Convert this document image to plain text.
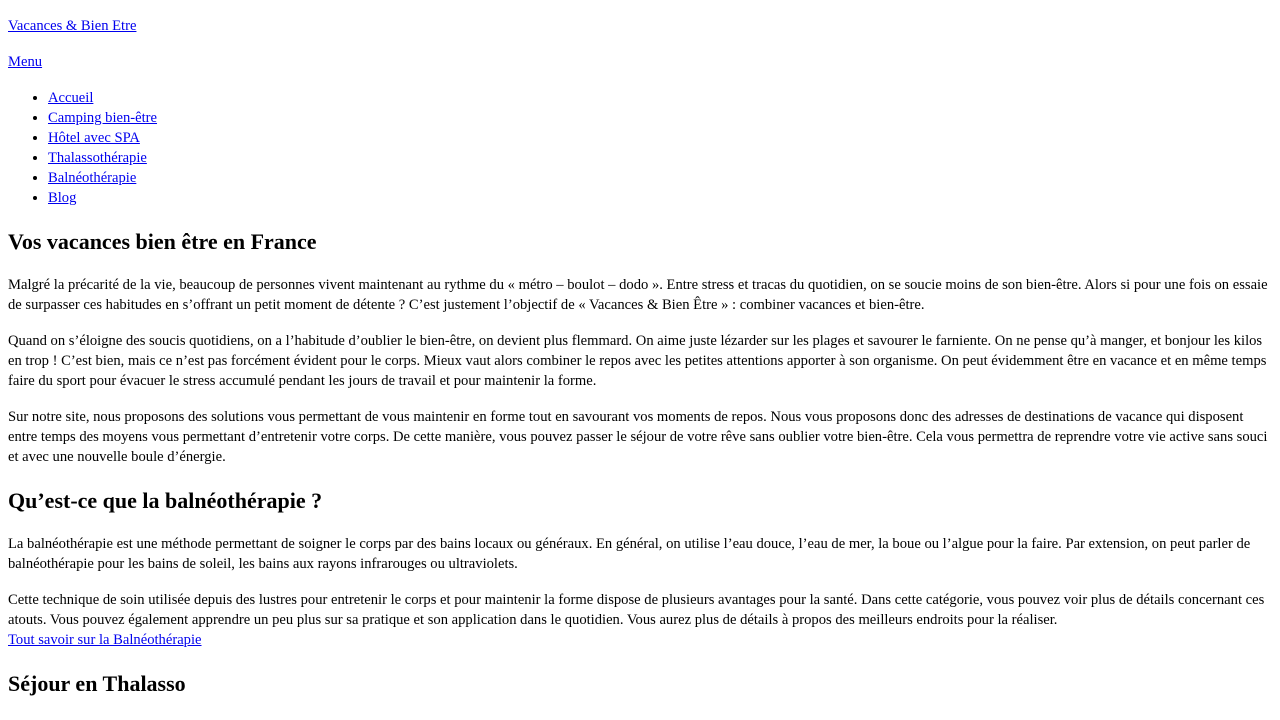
Vacances & Bien Etre
Menu
• Accueil
• Camping bien-être
• Hôtel avec SPA
• Thalassothérapie
• Balnéothérapie
• Blog
Vos vacances bien être en France

Malgré la précarité de la vie, beaucoup de personnes vivent maintenant au rythme du « métro – boulot – dodo ». Entre stress et tracas du quotidien, on se soucie moins de son bien-être. Alors si pour une fois on essaie de surpasser ces habitudes en s’offrant un petit moment de détente ? C’est justement l’objectif de « Vacances & Bien Être » : combiner vacances et bien-être.

Quand on s’éloigne des soucis quotidiens, on a l’habitude d’oublier le bien-être, on devient plus flemmard. On aime juste lézarder sur les plages et savourer le farniente. On ne pense qu’à manger, et bonjour les kilos en trop ! C’est bien, mais ce n’est pas forcément évident pour le corps. Mieux vaut alors combiner le repos avec les petites attentions apporter à son organisme. On peut évidemment être en vacance et en même temps faire du sport pour évacuer le stress accumulé pendant les jours de travail et pour maintenir la forme.

Sur notre site, nous proposons des solutions vous permettant de vous maintenir en forme tout en savourant vos moments de repos. Nous vous proposons donc des adresses de destinations de vacance qui disposent entre temps des moyens vous permettant d’entretenir votre corps. De cette manière, vous pouvez passer le séjour de votre rêve sans oublier votre bien-être. Cela vous permettra de reprendre votre vie active sans souci et avec une nouvelle boule d’énergie.

Qu’est-ce que la balnéothérapie ?

La balnéothérapie est une méthode permettant de soigner le corps par des bains locaux ou généraux. En général, on utilise l’eau douce, l’eau de mer, la boue ou l’algue pour la faire. Par extension, on peut parler de balnéothérapie pour les bains de soleil, les bains aux rayons infrarouges ou ultraviolets.

Cette technique de soin utilisée depuis des lustres pour entretenir le corps et pour maintenir la forme dispose de plusieurs avantages pour la santé. Dans cette catégorie, vous pouvez voir plus de détails concernant ces atouts. Vous pouvez également apprendre un peu plus sur sa pratique et son application dans le quotidien. Vous aurez plus de détails à propos des meilleurs endroits pour la réaliser.

Tout savoir sur la Balnéothérapie
Séjour en Thalasso
